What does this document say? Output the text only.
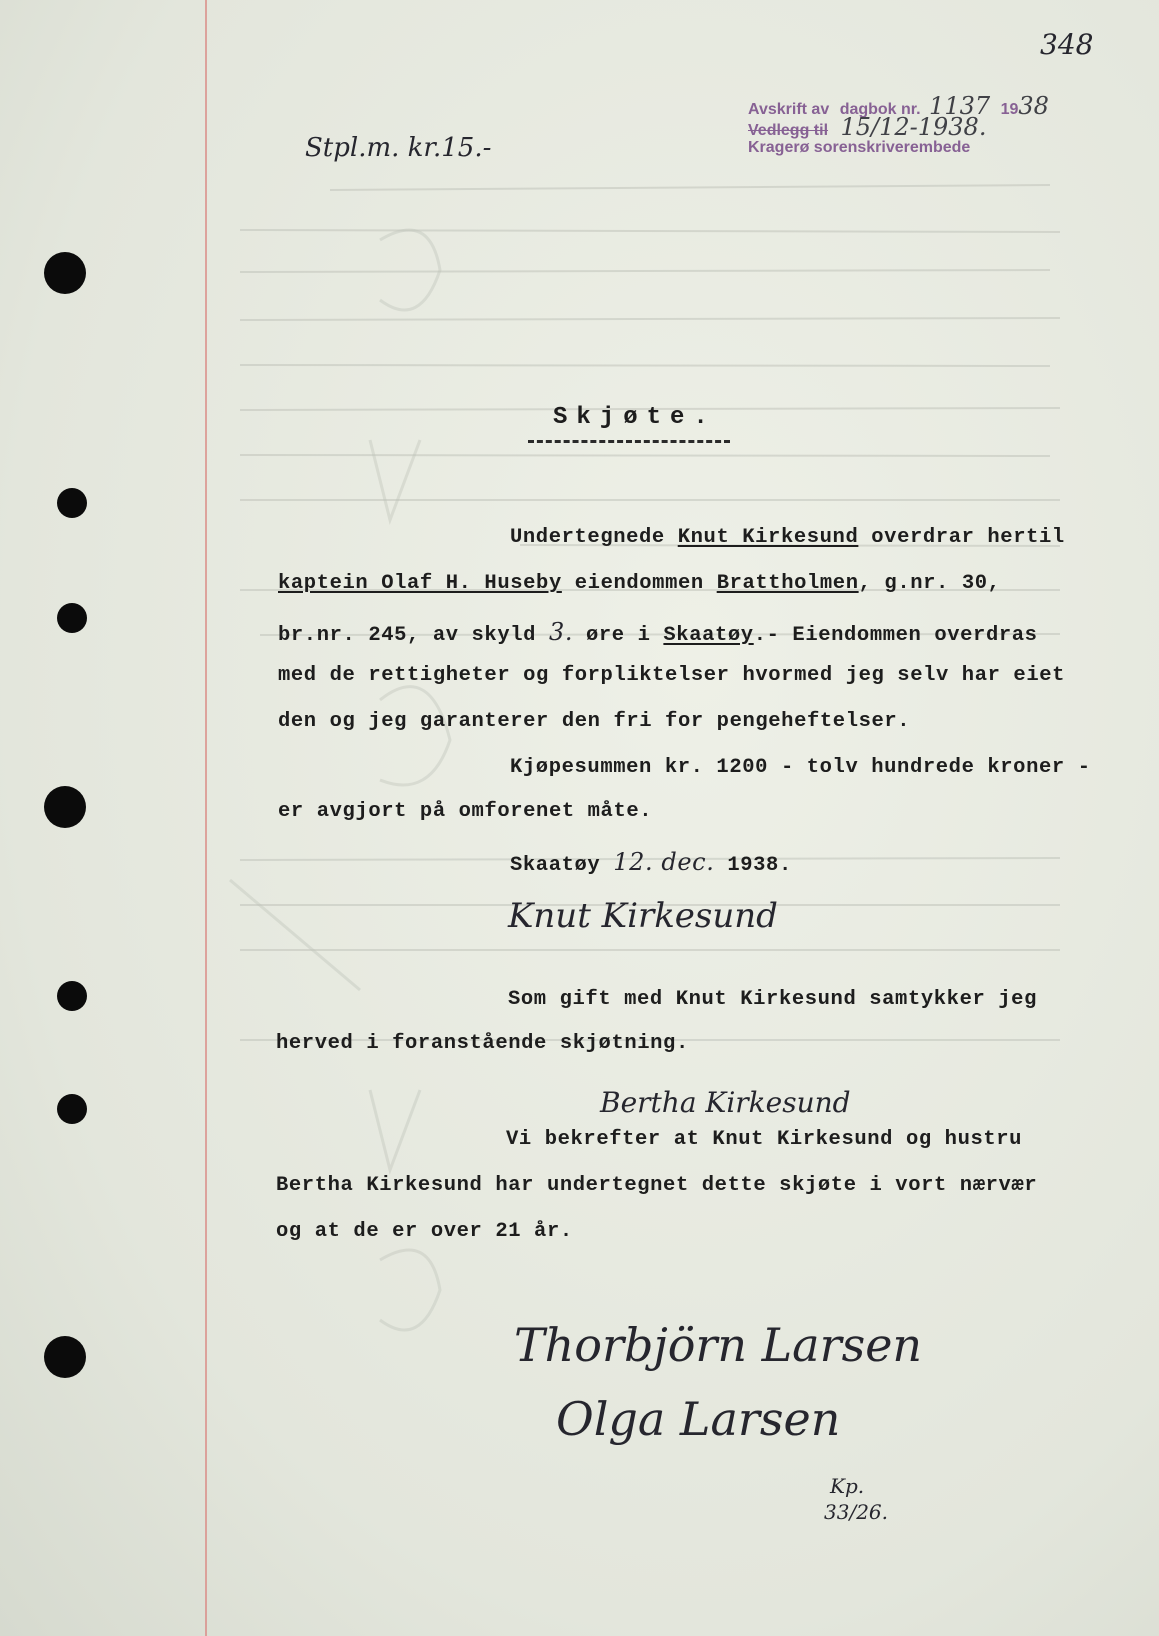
348
Avskrift av dagbok nr. 1137 1938
Vedlegg til 15/12-1938.
Kragerø sorenskriverembede
Stpl.m. kr.15.-
Skjøte.
Undertegnede Knut Kirkesund overdrar hertil
kaptein Olaf H. Huseby eiendommen Brattholmen, g.nr. 30,
br.nr. 245, av skyld 3. øre i Skaatøy.- Eiendommen overdras
med de rettigheter og forpliktelser hvormed jeg selv har eiet
den og jeg garanterer den fri for pengeheftelser.
Kjøpesummen kr. 1200 - tolv hundrede kroner -
er avgjort på omforenet måte.
Skaatøy 12. dec. 1938.
Knut Kirkesund
Som gift med Knut Kirkesund samtykker jeg
herved i foranstående skjøtning.
Bertha Kirkesund
Vi bekrefter at Knut Kirkesund og hustru
Bertha Kirkesund har undertegnet dette skjøte i vort nærvær
og at de er over 21 år.
Thorbjörn Larsen
Olga Larsen
Kp.
33/26.
